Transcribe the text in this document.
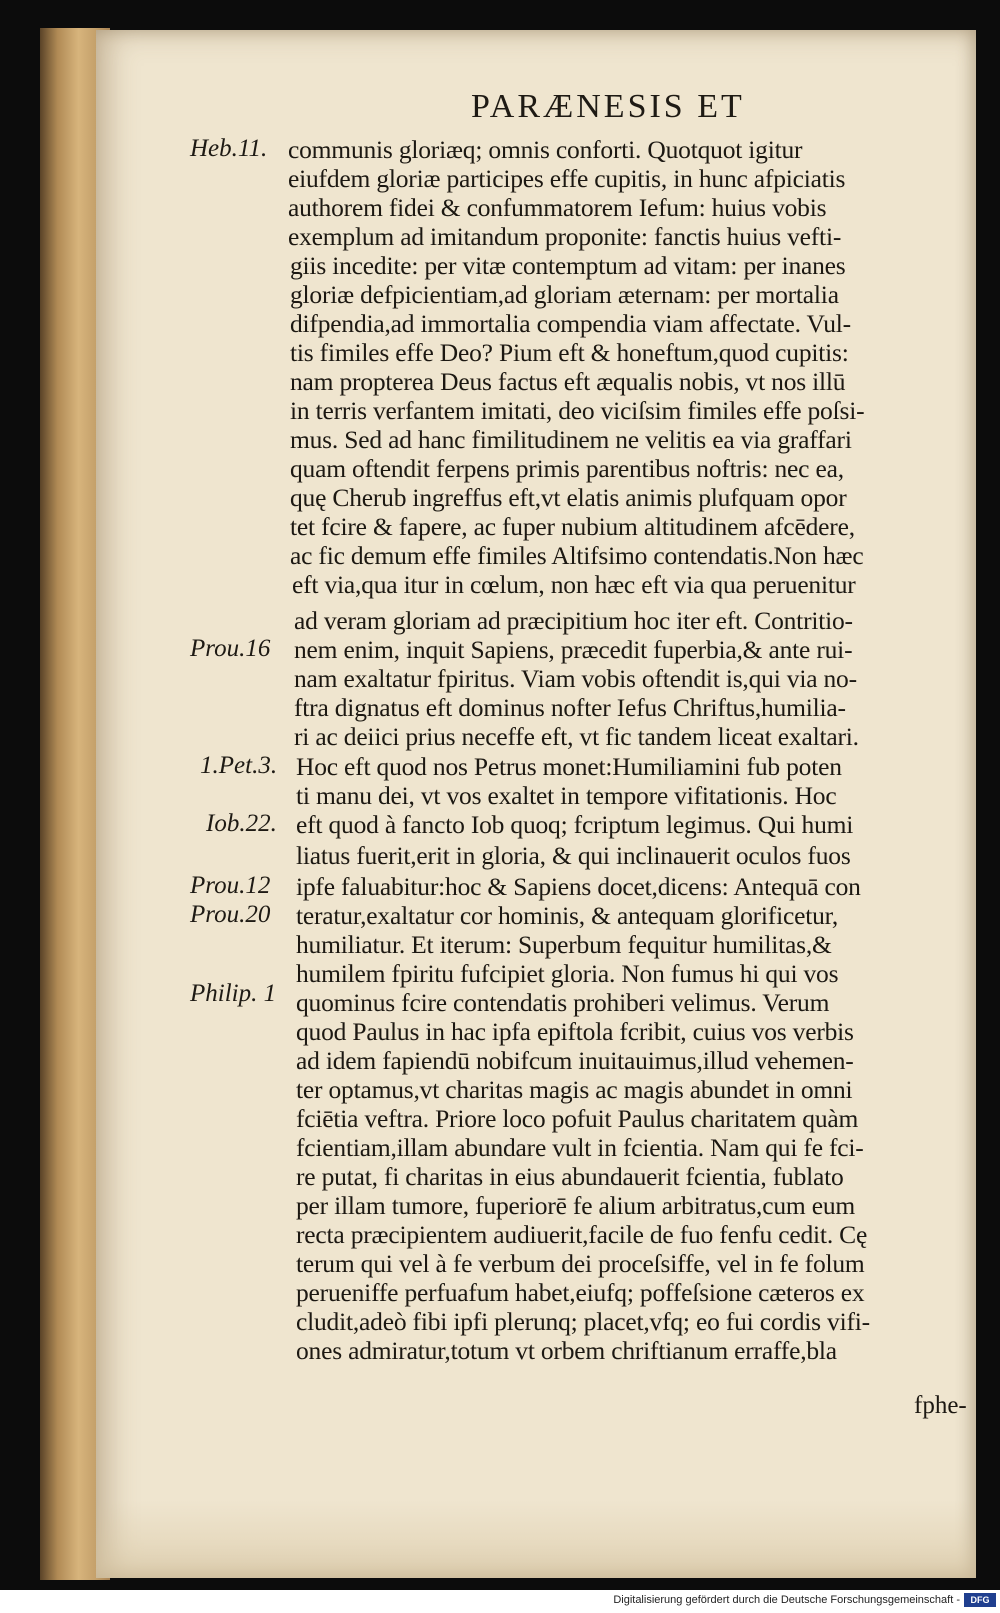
PARÆNESIS ET
Heb.11.
Prou.16
1.Pet.3.
Iob.22.
Prou.12
Prou.20
Philip. 1
communis gloriæq; omnis conforti. Quotquot igitur
eiufdem gloriæ participes effe cupitis, in hunc afpiciatis
authorem fidei & confummatorem Iefum: huius vobis
exemplum ad imitandum proponite: fanctis huius vefti-
giis incedite: per vitæ contemptum ad vitam: per inanes
gloriæ defpicientiam,ad gloriam æternam: per mortalia
difpendia,ad immortalia compendia viam affectate. Vul-
tis fimiles effe Deo? Pium eft & honeftum,quod cupitis:
nam propterea Deus factus eft æqualis nobis, vt nos illū
in terris verfantem imitati, deo viciſsim fimiles effe poſsi-
mus. Sed ad hanc fimilitudinem ne velitis ea via graffari
quam oftendit ferpens primis parentibus noftris: nec ea,
quę Cherub ingreffus eft,vt elatis animis plufquam opor
tet fcire & fapere, ac fuper nubium altitudinem afcēdere,
ac fic demum effe fimiles Altifsimo contendatis.Non hæc
eft via,qua itur in cœlum, non hæc eft via qua peruenitur
ad veram gloriam ad præcipitium hoc iter eft. Contritio-
nem enim, inquit Sapiens, præcedit fuperbia,& ante rui-
nam exaltatur fpiritus. Viam vobis oftendit is,qui via no-
ftra dignatus eft dominus nofter Iefus Chriftus,humilia-
ri ac deiici prius neceffe eft, vt fic tandem liceat exaltari.
Hoc eft quod nos Petrus monet:Humiliamini fub poten
ti manu dei, vt vos exaltet in tempore vifitationis. Hoc
eft quod à fancto Iob quoq; fcriptum legimus. Qui humi
liatus fuerit,erit in gloria, & qui inclinauerit oculos fuos
ipfe faluabitur:hoc & Sapiens docet,dicens: Antequā con
teratur,exaltatur cor hominis, & antequam glorificetur,
humiliatur. Et iterum: Superbum fequitur humilitas,&
humilem fpiritu fufcipiet gloria. Non fumus hi qui vos
quominus fcire contendatis prohiberi velimus. Verum
quod Paulus in hac ipfa epiftola fcribit, cuius vos verbis
ad idem fapiendū nobifcum inuitauimus,illud vehemen-
ter optamus,vt charitas magis ac magis abundet in omni
fciētia veftra. Priore loco pofuit Paulus charitatem quàm
fcientiam,illam abundare vult in fcientia. Nam qui fe fci-
re putat, fi charitas in eius abundauerit fcientia, fublato
per illam tumore, fuperiorē fe alium arbitratus,cum eum
recta præcipientem audiuerit,facile de fuo fenfu cedit. Cę
terum qui vel à fe verbum dei proceſsiffe, vel in fe folum
perueniffe perfuafum habet,eiufq; poffeſsione cæteros ex
cludit,adeò fibi ipfi plerunq; placet,vfq; eo fui cordis vifi-
ones admiratur,totum vt orbem chriftianum erraffe,bla
fphe-
Digitalisierung gefördert durch die Deutsche Forschungsgemeinschaft -	DFG
